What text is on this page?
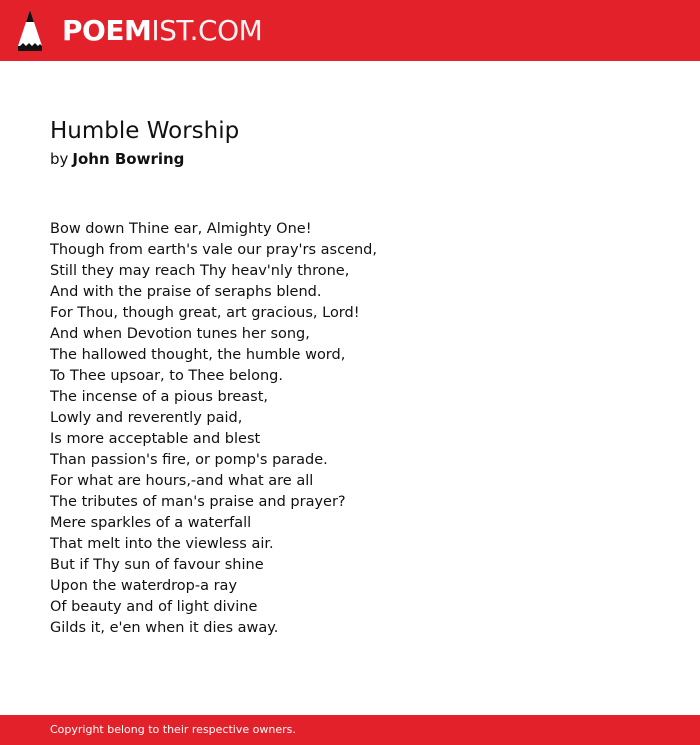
POEMIST.COM
Humble Worship

by John Bowring

Bow down Thine ear, Almighty One!
Though from earth's vale our pray'rs ascend,
Still they may reach Thy heav'nly throne,
And with the praise of seraphs blend.
For Thou, though great, art gracious, Lord!
And when Devotion tunes her song,
The hallowed thought, the humble word,
To Thee upsoar, to Thee belong.
The incense of a pious breast,
Lowly and reverently paid,
Is more acceptable and blest
Than passion's fire, or pomp's parade.
For what are hours,-and what are all
The tributes of man's praise and prayer?
Mere sparkles of a waterfall
That melt into the viewless air.
But if Thy sun of favour shine
Upon the waterdrop-a ray
Of beauty and of light divine
Gilds it, e'en when it dies away.
Copyright belong to their respective owners.
